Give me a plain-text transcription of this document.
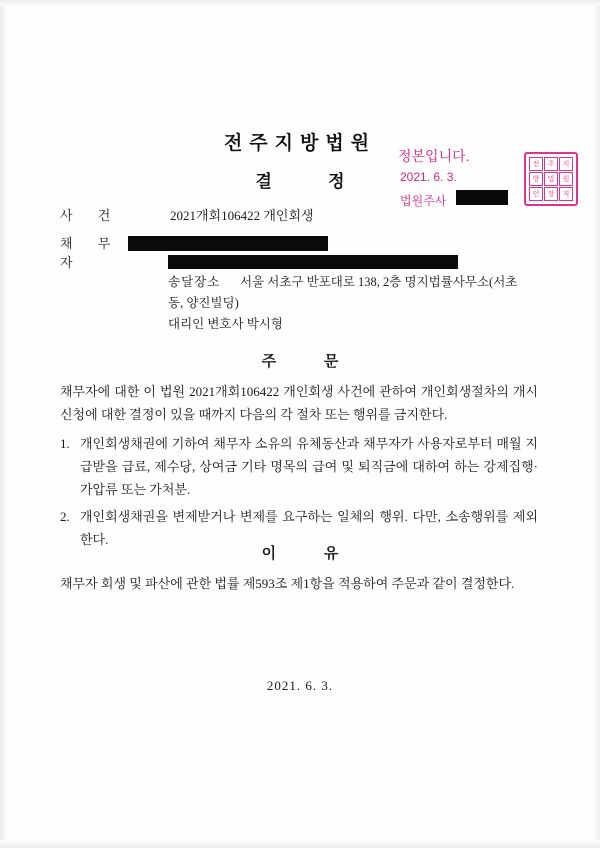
전주지방법원
결 정
정본입니다.
2021. 6. 3.
법원주사
전	주	지
방	법	원
인	장	직
사 건	2021개회106422 개인회생
채 무 자
송달장소 서울 서초구 반포대로 138, 2층 명지법률사무소(서초
동, 양진빌딩)
대리인 변호사 박시형
주 문
채무자에 대한 이 법원 2021개회106422 개인회생 사건에 관하여 개인회생절차의 개시신청에 대한 결정이 있을 때까지 다음의 각 절차 또는 행위를 금지한다.
1. 개인회생채권에 기하여 채무자 소유의 유체동산과 채무자가 사용자로부터 매월 지급받을 급료, 제수당, 상여금 기타 명목의 급여 및 퇴직금에 대하여 하는 강제집행·가압류 또는 가처분.
2. 개인회생채권을 변제받거나 변제를 요구하는 일체의 행위. 다만, 소송행위를 제외한다.
이 유
채무자 회생 및 파산에 관한 법률 제593조 제1항을 적용하여 주문과 같이 결정한다.
2021. 6. 3.
